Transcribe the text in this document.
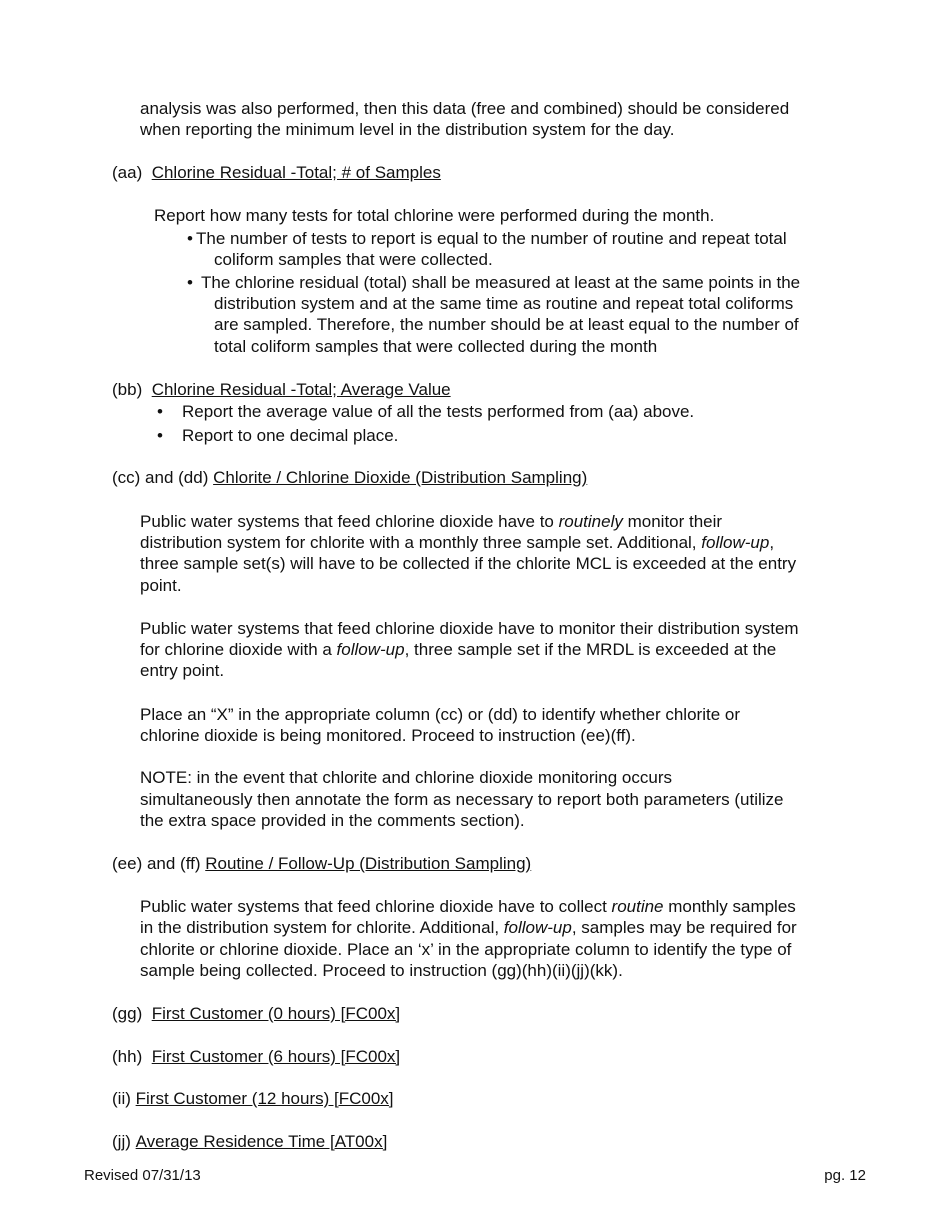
analysis was also performed, then this data (free and combined) should be considered
when reporting the minimum level in the distribution system for the day.
(aa) Chlorine Residual -Total; # of Samples
Report how many tests for total chlorine were performed during the month.
• The number of tests to report is equal to the number of routine and repeat total
coliform samples that were collected.
• The chlorine residual (total) shall be measured at least at the same points in the
distribution system and at the same time as routine and repeat total coliforms
are sampled. Therefore, the number should be at least equal to the number of
total coliform samples that were collected during the month
(bb) Chlorine Residual -Total; Average Value
• Report the average value of all the tests performed from (aa) above.
• Report to one decimal place.
(cc) and (dd) Chlorite / Chlorine Dioxide (Distribution Sampling)
Public water systems that feed chlorine dioxide have to routinely monitor their
distribution system for chlorite with a monthly three sample set. Additional, follow-up,
three sample set(s) will have to be collected if the chlorite MCL is exceeded at the entry
point.
Public water systems that feed chlorine dioxide have to monitor their distribution system
for chlorine dioxide with a follow-up, three sample set if the MRDL is exceeded at the
entry point.
Place an “X” in the appropriate column (cc) or (dd) to identify whether chlorite or
chlorine dioxide is being monitored. Proceed to instruction (ee)(ff).
NOTE: in the event that chlorite and chlorine dioxide monitoring occurs
simultaneously then annotate the form as necessary to report both parameters (utilize
the extra space provided in the comments section).
(ee) and (ff) Routine / Follow-Up (Distribution Sampling)
Public water systems that feed chlorine dioxide have to collect routine monthly samples
in the distribution system for chlorite. Additional, follow-up, samples may be required for
chlorite or chlorine dioxide. Place an ‘x’ in the appropriate column to identify the type of
sample being collected. Proceed to instruction (gg)(hh)(ii)(jj)(kk).
(gg) First Customer (0 hours) [FC00x]
(hh) First Customer (6 hours) [FC00x]
(ii) First Customer (12 hours) [FC00x]
(jj) Average Residence Time [AT00x]
Revised 07/31/13	pg. 12
